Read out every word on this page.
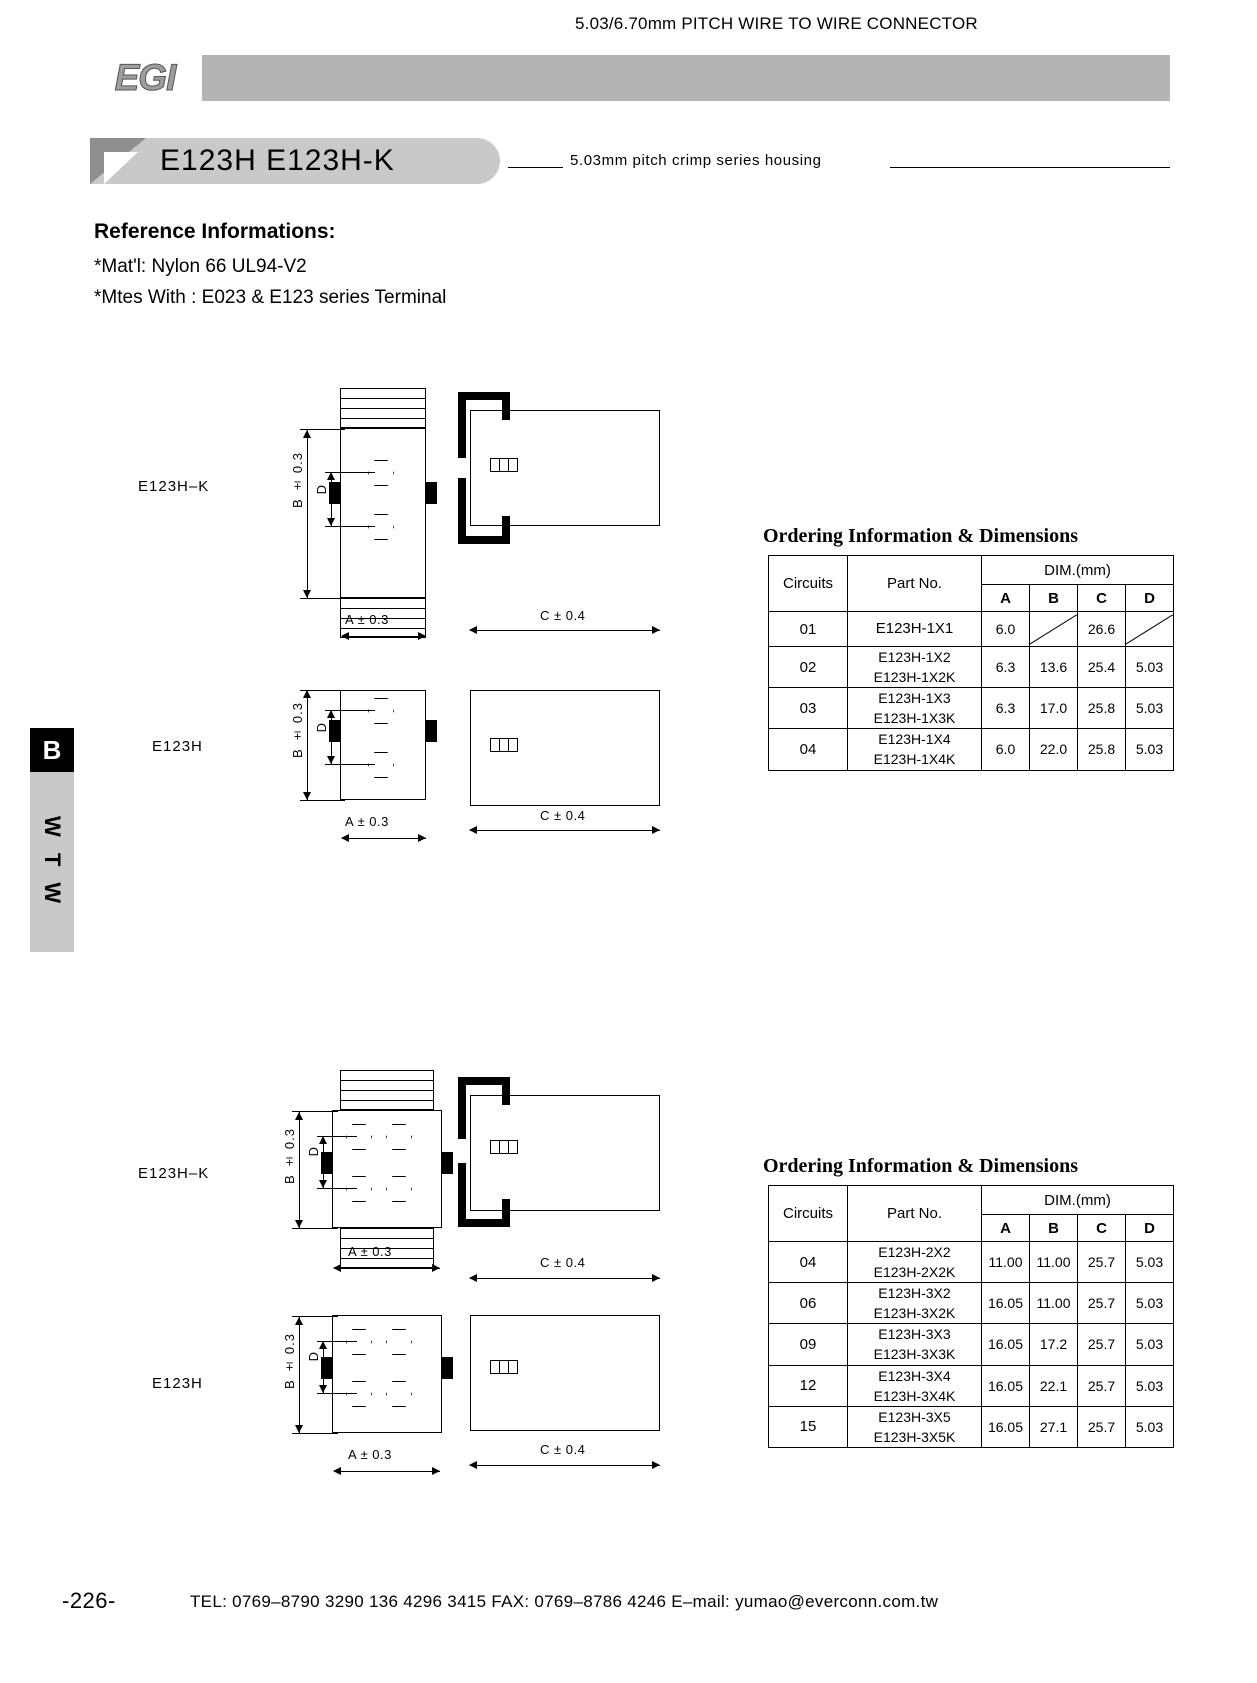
EGI
E023H/E123H SERIES	5.03/6.70mm PITCH WIRE TO WIRE CONNECTOR
E123H E123H-K	5.03mm pitch crimp series housing
Reference Informations:
*Mat'l: Nylon 66 UL94-V2
*Mtes With : E023 & E123 series Terminal
B
W T W
E123H–K	B ± 0.3 D
A ± 0.3	C ± 0.4
E123H	B ± 0.3 D
A ± 0.3	C ± 0.4
E123H–K	B ± 0.3 D
A ± 0.3
C ± 0.4
E123H	B ± 0.3 D
A ± 0.3	C ± 0.4
Ordering Information & Dimensions
Circuits	Part No.	DIM.(mm)			
		A	B	C	D
01	E123H-1X1	6.0		26.6	
02	E123H-1X2
E123H-1X2K	6.3	13.6	25.4	5.03
03	E123H-1X3
E123H-1X3K	6.3	17.0	25.8	5.03
04	E123H-1X4
E123H-1X4K	6.0	22.0	25.8	5.03
Ordering Information & Dimensions
Circuits	Part No.	DIM.(mm)			
		A	B	C	D
04	E123H-2X2
E123H-2X2K	11.00	11.00	25.7	5.03
06	E123H-3X2
E123H-3X2K	16.05	11.00	25.7	5.03
09	E123H-3X3
E123H-3X3K	16.05	17.2	25.7	5.03
12	E123H-3X4
E123H-3X4K	16.05	22.1	25.7	5.03
15	E123H-3X5
E123H-3X5K	16.05	27.1	25.7	5.03
-226-	TEL: 0769–8790 3290 136 4296 3415 FAX: 0769–8786 4246 E–mail: yumao@everconn.com.tw
